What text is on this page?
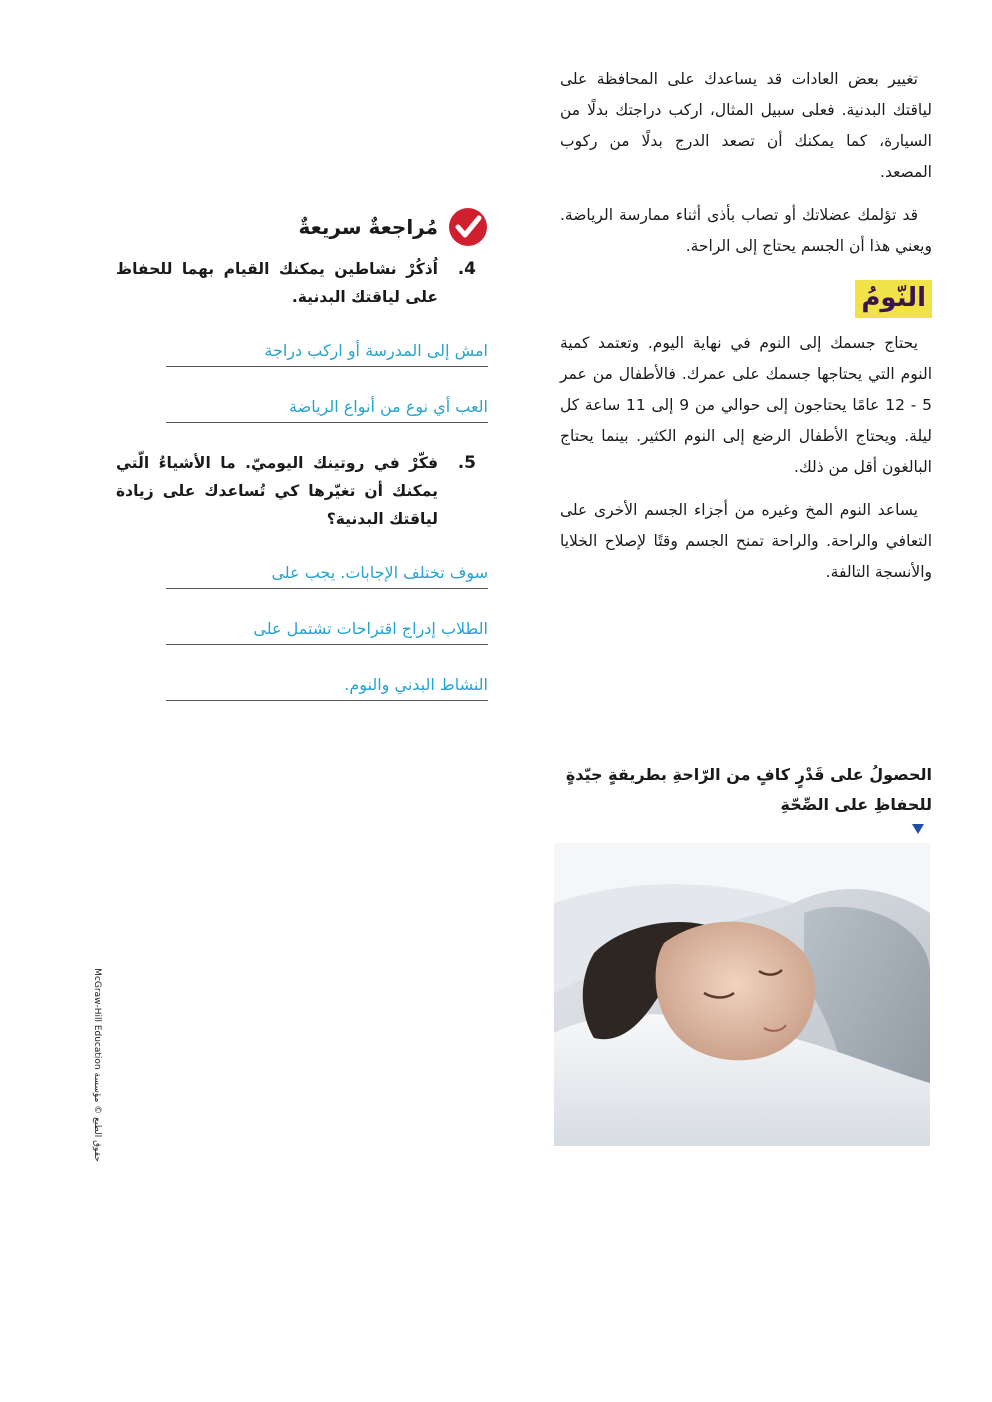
تغيير بعض العادات قد يساعدك على المحافظة على لياقتك البدنية. فعلى سبيل المثال، اركب دراجتك بدلًا من السيارة، كما يمكنك أن تصعد الدرج بدلًا من ركوب المصعد.

قد تؤلمك عضلاتك أو تصاب بأذى أثناء ممارسة الرياضة. ويعني هذا أن الجسم يحتاج إلى الراحة.

النّومُ

يحتاج جسمك إلى النوم في نهاية اليوم. وتعتمد كمية النوم التي يحتاجها جسمك على عمرك. فالأطفال من عمر 5 - 12 عامًا يحتاجون إلى حوالي من 9 إلى 11 ساعة كل ليلة. ويحتاج الأطفال الرضع إلى النوم الكثير. بينما يحتاج البالغون أقل من ذلك.

يساعد النوم المخ وغيره من أجزاء الجسم الأخرى على التعافي والراحة. والراحة تمنح الجسم وقتًا لإصلاح الخلايا والأنسجة التالفة.

الحصولُ على قَدْرٍ كافٍ من الرّاحةِ بطريقةٍ جيّدةٍ للحفاظِ على الصِّحّةِ
مُراجعةٌ سريعةٌ
4.
اُذكُرْ نشاطين يمكنك القيام بهما للحفاظ على لياقتك البدنية.
امش إلى المدرسة أو اركب دراجة
العب أي نوع من أنواع الرياضة
5.
فكّرْ في روتينك اليوميّ. ما الأشياءُ الّتي يمكنك أن تغيّرها كي تُساعدك على زيادة لياقتك البدنية؟
سوف تختلف الإجابات. يجب على
الطلاب إدراج اقتراحات تشتمل على
النشاط البدني والنوم.
McGraw-Hill Education حقوق الطبع © مؤسسة
